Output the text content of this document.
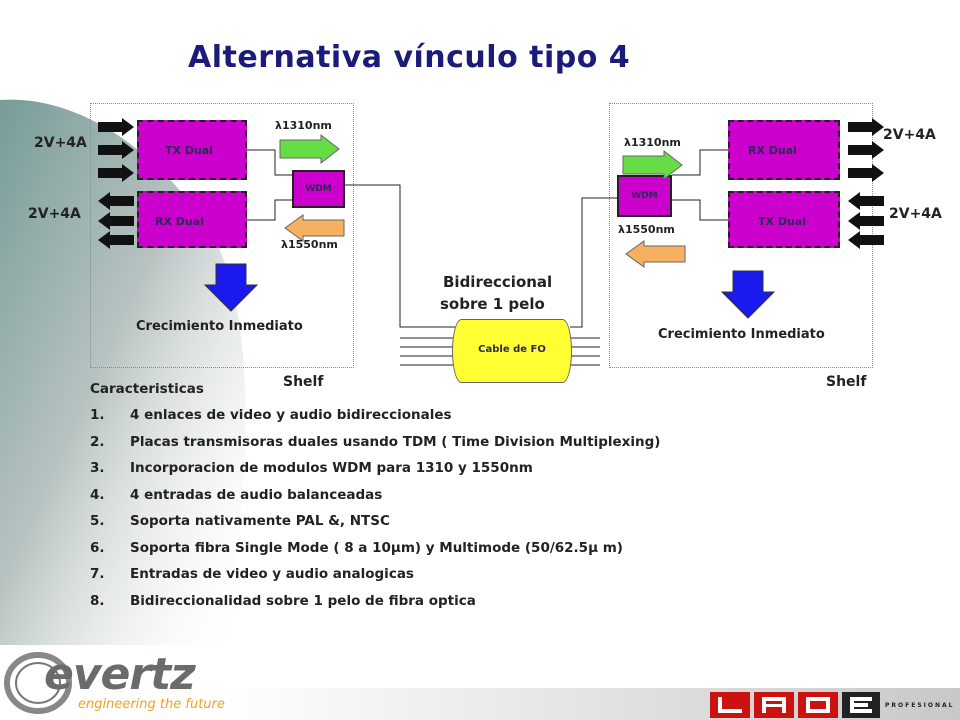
Alternativa vínculo tipo 4
2V+4A
2V+4A
TX Dual
RX Dual
WDM
λ1310nm
λ1550nm
Crecimiento Inmediato
Shelf
Bidireccional
sobre 1 pelo
Cable de FO
2V+4A
2V+4A
RX Dual
TX Dual
WDM
λ1310nm
λ1550nm
Crecimiento Inmediato
Shelf
Caracteristicas
1. 4 enlaces de video y audio bidireccionales
2. Placas transmisoras duales usando TDM ( Time Division Multiplexing)
3. Incorporacion de modulos WDM para 1310 y 1550nm
4. 4 entradas de audio balanceadas
5. Soporta nativamente PAL &, NTSC
6. Soporta fibra Single Mode ( 8 a 10μm) y Multimode (50/62.5μ m)
7. Entradas de video y audio analogicas
8. Bidireccionalidad sobre 1 pelo de fibra optica
evertz
engineering the future	PROFESIONAL
